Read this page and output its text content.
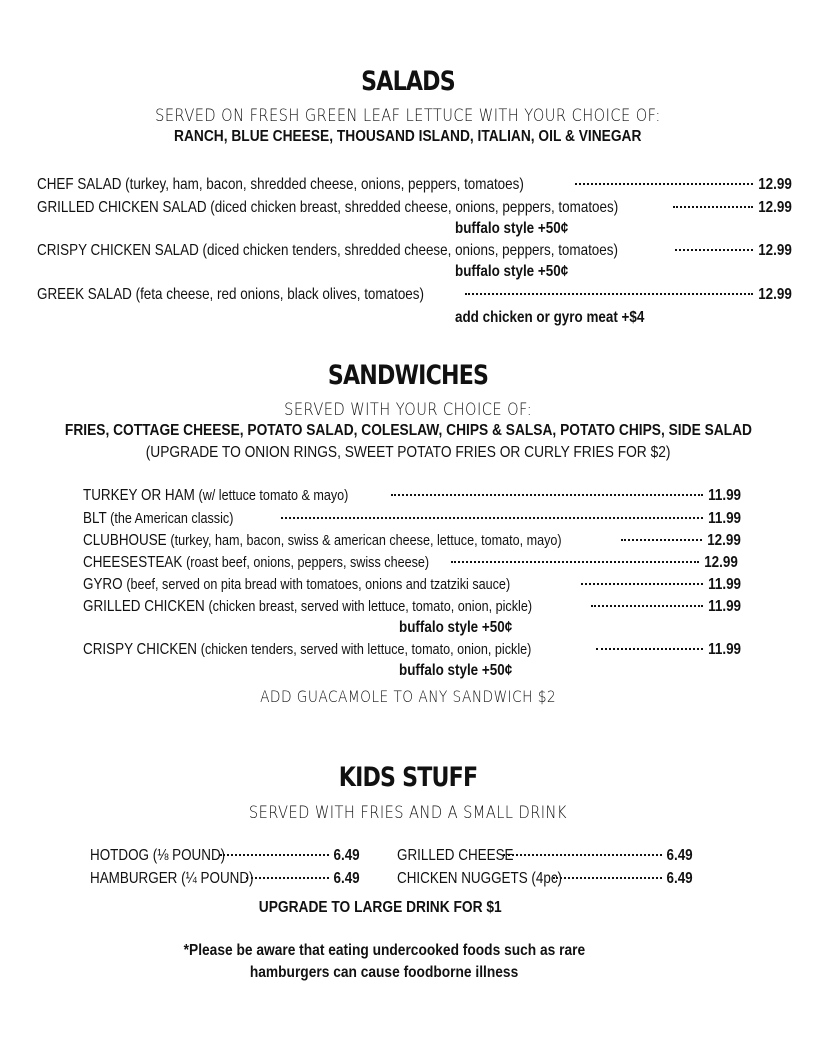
SALADS
SERVED ON FRESH GREEN LEAF LETTUCE WITH YOUR CHOICE OF:
RANCH, BLUE CHEESE, THOUSAND ISLAND, ITALIAN, OIL & VINEGAR
CHEF SALAD (turkey, ham, bacon, shredded cheese, onions, peppers, tomatoes)	12.99
GRILLED CHICKEN SALAD (diced chicken breast, shredded cheese, onions, peppers, tomatoes)	12.99
buffalo style +50¢
CRISPY CHICKEN SALAD (diced chicken tenders, shredded cheese, onions, peppers, tomatoes)	12.99
buffalo style +50¢
GREEK SALAD (feta cheese, red onions, black olives, tomatoes)	12.99
add chicken or gyro meat +$4
SANDWICHES
SERVED WITH YOUR CHOICE OF:
FRIES, COTTAGE CHEESE, POTATO SALAD, COLESLAW, CHIPS & SALSA, POTATO CHIPS, SIDE SALAD
(UPGRADE TO ONION RINGS, SWEET POTATO FRIES OR CURLY FRIES FOR $2)
TURKEY OR HAM (w/ lettuce tomato & mayo)	11.99
BLT (the American classic)	11.99
CLUBHOUSE (turkey, ham, bacon, swiss & american cheese, lettuce, tomato, mayo)	12.99
CHEESESTEAK (roast beef, onions, peppers, swiss cheese)	12.99
GYRO (beef, served on pita bread with tomatoes, onions and tzatziki sauce)	11.99
GRILLED CHICKEN (chicken breast, served with lettuce, tomato, onion, pickle)	11.99
buffalo style +50¢
CRISPY CHICKEN (chicken tenders, served with lettuce, tomato, onion, pickle)	11.99
buffalo style +50¢
ADD GUACAMOLE TO ANY SANDWICH $2
KIDS STUFF
SERVED WITH FRIES AND A SMALL DRINK
HOTDOG (⅛ POUND)	6.49 GRILLED CHEESE	6.49
HAMBURGER (¼ POUND)	6.49 CHICKEN NUGGETS (4pc)	6.49
UPGRADE TO LARGE DRINK FOR $1
*Please be aware that eating undercooked foods such as rare
hamburgers can cause foodborne illness
